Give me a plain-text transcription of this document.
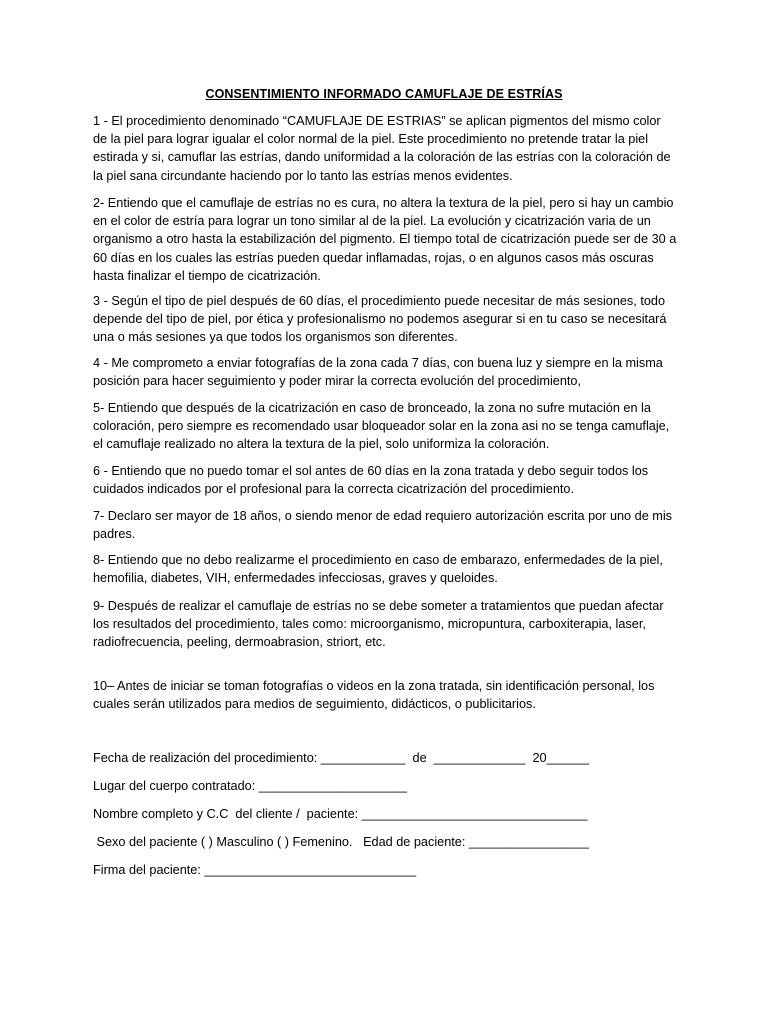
CONSENTIMIENTO INFORMADO CAMUFLAJE DE ESTRÍAS

1 - El procedimiento denominado “CAMUFLAJE DE ESTRIAS” se aplican pigmentos del mismo color de la piel para lograr igualar el color normal de la piel. Este procedimiento no pretende tratar la piel estirada y si, camuflar las estrías, dando uniformidad a la coloración de las estrías con la coloración de la piel sana circundante haciendo por lo tanto las estrías menos evidentes.

2- Entiendo que el camuflaje de estrías no es cura, no altera la textura de la piel, pero si hay un cambio en el color de estría para lograr un tono similar al de la piel. La evolución y cicatrización varia de un organismo a otro hasta la estabilización del pigmento. El tiempo total de cicatrización puede ser de 30 a 60 días en los cuales las estrías pueden quedar inflamadas, rojas, o en algunos casos más oscuras hasta finalizar el tiempo de cicatrización.

3 - Según el tipo de piel después de 60 días, el procedimiento puede necesitar de más sesiones, todo depende del tipo de piel, por ética y profesionalismo no podemos asegurar si en tu caso se necesitará una o más sesiones ya que todos los organismos son diferentes.

4 - Me comprometo a enviar fotografías de la zona cada 7 días, con buena luz y siempre en la misma posición para hacer seguimiento y poder mirar la correcta evolución del procedimiento,

5- Entiendo que después de la cicatrización en caso de bronceado, la zona no sufre mutación en la coloración, pero siempre es recomendado usar bloqueador solar en la zona asi no se tenga camuflaje, el camuflaje realizado no altera la textura de la piel, solo uniformiza la coloración.

6 - Entiendo que no puedo tomar el sol antes de 60 días en la zona tratada y debo seguir todos los cuidados indicados por el profesional para la correcta cicatrización del procedimiento.

7- Declaro ser mayor de 18 años, o siendo menor de edad requiero autorización escrita por uno de mis padres.

8- Entiendo que no debo realizarme el procedimiento en caso de embarazo, enfermedades de la piel, hemofilia, diabetes, VIH, enfermedades infecciosas, graves y queloides.

9- Después de realizar el camuflaje de estrías no se debe someter a tratamientos que puedan afectar los resultados del procedimiento, tales como: microorganismo, micropuntura, carboxiterapia, laser, radiofrecuencia, peeling, dermoabrasion, striort, etc.

10– Antes de iniciar se toman fotografías o videos en la zona tratada, sin identificación personal, los cuales serán utilizados para medios de seguimiento, didácticos, o publicitarios.

Fecha de realización del procedimiento: ____________  de  _____________  20______
Lugar del cuerpo contratado: _____________________
Nombre completo y C.C  del cliente /  paciente: ________________________________
Sexo del paciente ( ) Masculino ( ) Femenino.   Edad de paciente: _________________
Firma del paciente: ______________________________
